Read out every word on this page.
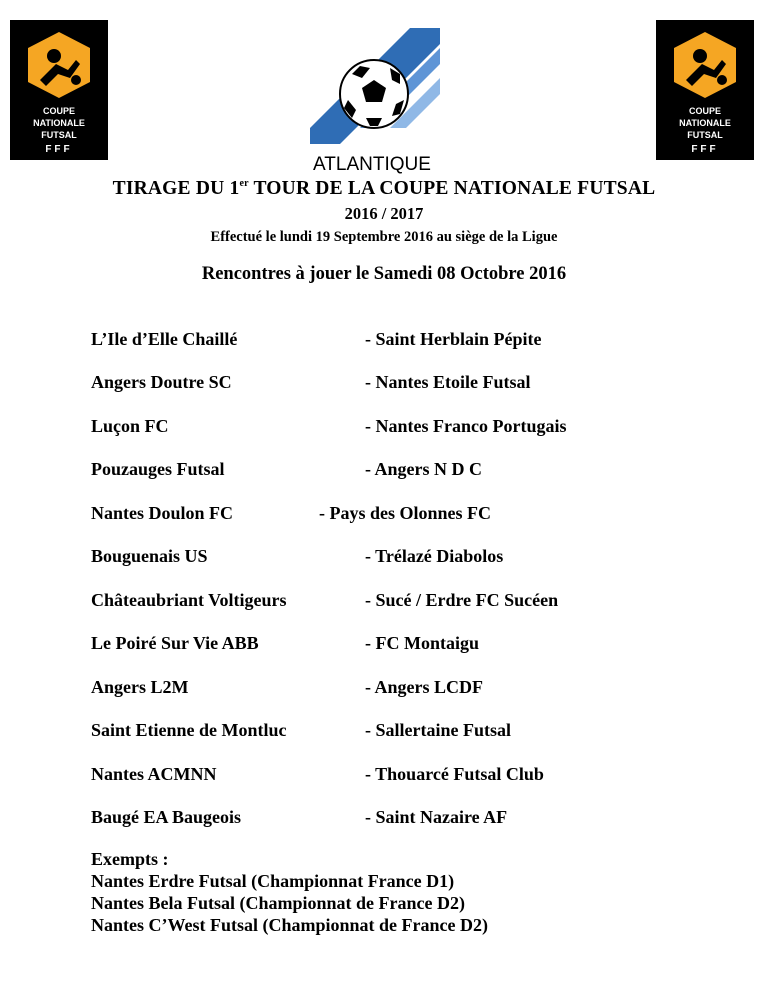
COUPE
NATIONALE
FUTSAL
FFF
ATLANTIQUE
COUPE
NATIONALE
FUTSAL
FFF
TIRAGE DU 1er TOUR DE LA COUPE NATIONALE FUTSAL
2016 / 2017
Effectué le lundi 19 Septembre 2016 au siège de la Ligue
Rencontres à jouer le Samedi 08 Octobre 2016
L’Ile d’Elle Chaillé	- Saint Herblain Pépite
Angers Doutre SC	- Nantes Etoile Futsal
Luçon FC	- Nantes Franco Portugais
Pouzauges Futsal	- Angers N D C
Nantes Doulon FC	- Pays des Olonnes FC
Bouguenais US	- Trélazé Diabolos
Châteaubriant Voltigeurs	- Sucé / Erdre FC Sucéen
Le Poiré Sur Vie ABB	- FC Montaigu
Angers L2M	- Angers LCDF
Saint Etienne de Montluc	- Sallertaine Futsal
Nantes ACMNN	- Thouarcé Futsal Club
Baugé EA Baugeois	- Saint Nazaire AF
Exempts :
Nantes Erdre Futsal (Championnat France D1)
Nantes Bela Futsal (Championnat de France D2)
Nantes C’West Futsal (Championnat de France D2)
